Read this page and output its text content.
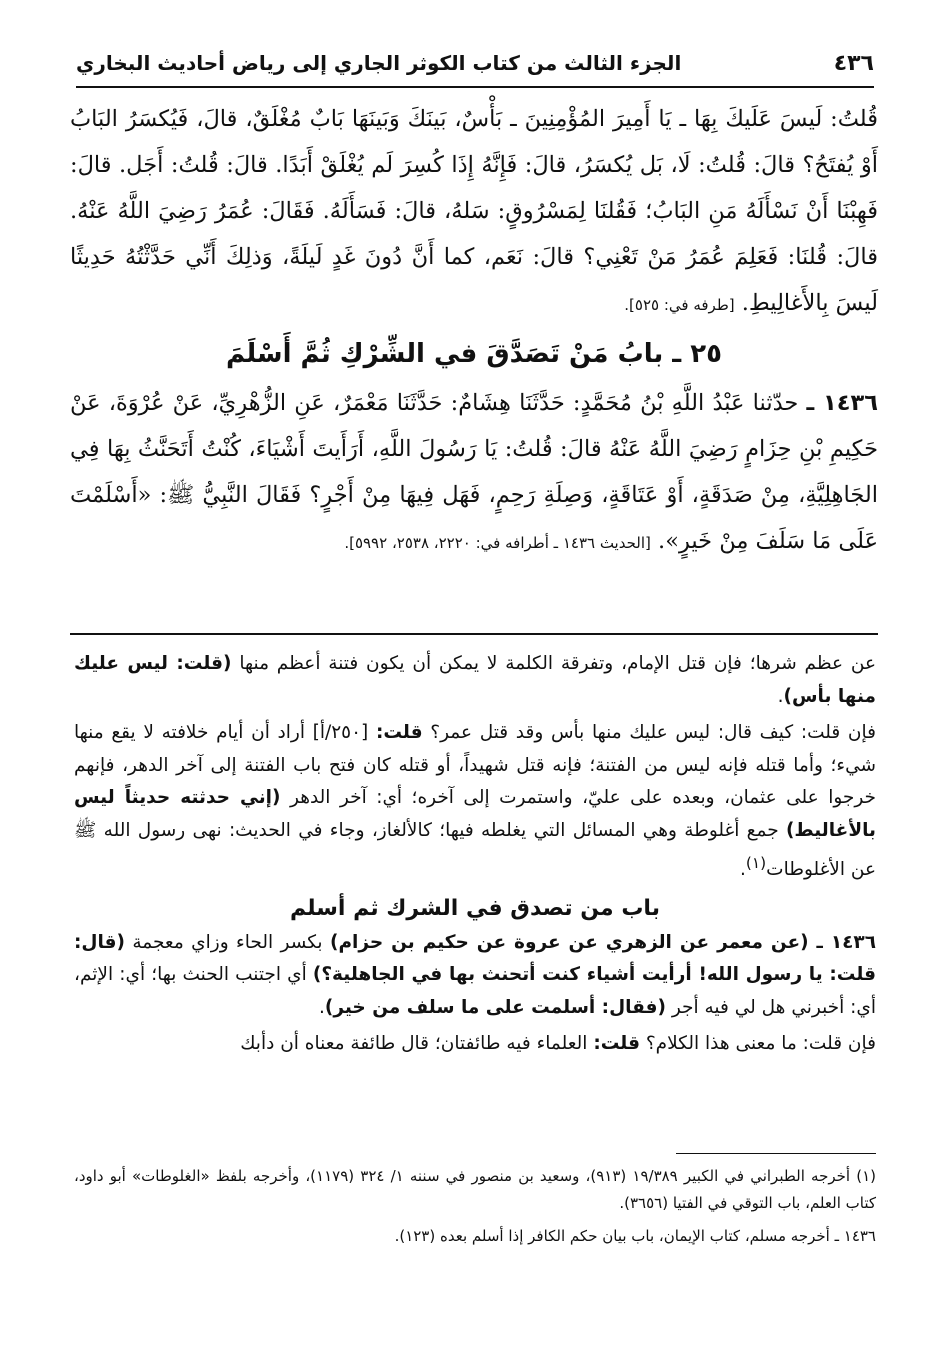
٤٣٦
الجزء الثالث من كتاب الكوثر الجاري إلى رياض أحاديث البخاري

قُلتُ: لَيسَ عَلَيكَ بِهَا ـ يَا أَمِيرَ المُؤْمِنِينَ ـ بَأْسٌ، بَينَكَ وَبَينَهَا بَابٌ مُغْلَقٌ، قالَ، فَيُكسَرُ البَابُ أَوْ يُفتَحُ؟ قالَ: قُلتُ: لَا، بَل يُكسَرُ، قالَ: فَإِنَّهُ إِذَا كُسِرَ لَم يُغْلَقْ أَبَدًا. قالَ: قُلتُ: أَجَل. قالَ: فَهِبْنَا أَنْ نَسْأَلَهُ مَنِ البَابُ؛ فَقُلنَا لِمَسْرُوقٍ: سَلهُ، قالَ: فَسَأَلَهُ. فَقَالَ: عُمَرُ رَضِيَ اللَّهُ عَنْهُ. قالَ: قُلنَا: فَعَلِمَ عُمَرُ مَنْ تَعْنِي؟ قالَ: نَعَم، كما أَنَّ دُونَ غَدٍ لَيلَةً، وَذلِكَ أَنِّي حَدَّثْتُهُ حَدِيثًا لَيسَ بِالأَغالِيطِ. [طرفه في: ٥٢٥].

٢٥ ـ بابُ مَنْ تَصَدَّقَ في الشِّرْكِ ثُمَّ أَسْلَمَ

١٤٣٦ ـ حدّثنا عَبْدُ اللَّهِ بْنُ مُحَمَّدٍ: حَدَّثَنَا هِشَامٌ: حَدَّثَنَا مَعْمَرٌ، عَنِ الزُّهْرِيِّ، عَنْ عُرْوَةَ، عَنْ حَكِيمِ بْنِ حِزَامٍ رَضِيَ اللَّهُ عَنْهُ قالَ: قُلتُ: يَا رَسُولَ اللَّهِ، أَرَأَيتَ أَشْيَاءَ، كُنْتُ أَتَحَنَّثُ بِهَا فِي الجَاهِلِيَّةِ، مِنْ صَدَقَةٍ، أَوْ عَتَاقَةٍ، وَصِلَةِ رَحِمٍ، فَهَل فِيهَا مِنْ أَجْرٍ؟ فَقَالَ النَّبِيُّ ﷺ: «أَسْلَمْتَ عَلَى مَا سَلَفَ مِنْ خَيرٍ». [الحديث ١٤٣٦ ـ أطرافه في: ٢٢٢٠، ٢٥٣٨، ٥٩٩٢].

عن عظم شرها؛ فإن قتل الإمام، وتفرقة الكلمة لا يمكن أن يكون فتنة أعظم منها (قلت: ليس عليك منها بأس).

فإن قلت: كيف قال: ليس عليك منها بأس وقد قتل عمر؟ قلت: [٢٥٠/أ] أراد أن أيام خلافته لا يقع منها شيء؛ وأما قتله فإنه ليس من الفتنة؛ فإنه قتل شهيداً، أو قتله كان فتح باب الفتنة إلى آخر الدهر، فإنهم خرجوا على عثمان، وبعده على عليّ، واستمرت إلى آخره؛ أي: آخر الدهر (إني حدثته حديثاً ليس بالأغاليط) جمع أغلوطة وهي المسائل التي يغلطه فيها؛ كالألغاز، وجاء في الحديث: نهى رسول الله ﷺ عن الأغلوطات$^{(١)}$.

باب من تصدق في الشرك ثم أسلم

١٤٣٦ ـ (عن معمر عن الزهري عن عروة عن حكيم بن حزام) بكسر الحاء وزاي معجمة (قال: قلت: يا رسول الله! أرأيت أشياء كنت أتحنث بها في الجاهلية؟) أي اجتنب الحنث بها؛ أي: الإثم، أي: أخبرني هل لي فيه أجر (فقال: أسلمت على ما سلف من خير).

فإن قلت: ما معنى هذا الكلام؟ قلت: العلماء فيه طائفتان؛ قال طائفة معناه أن دأبك

(١) أخرجه الطبراني في الكبير ١٩/٣٨٩ (٩١٣)، وسعيد بن منصور في سننه ١/ ٣٢٤ (١١٧٩)، وأخرجه بلفظ «الغلوطات» أبو داود، كتاب العلم، باب التوقي في الفتيا (٣٦٥٦).

١٤٣٦ ـ أخرجه مسلم، كتاب الإيمان، باب بيان حكم الكافر إذا أسلم بعده (١٢٣).
